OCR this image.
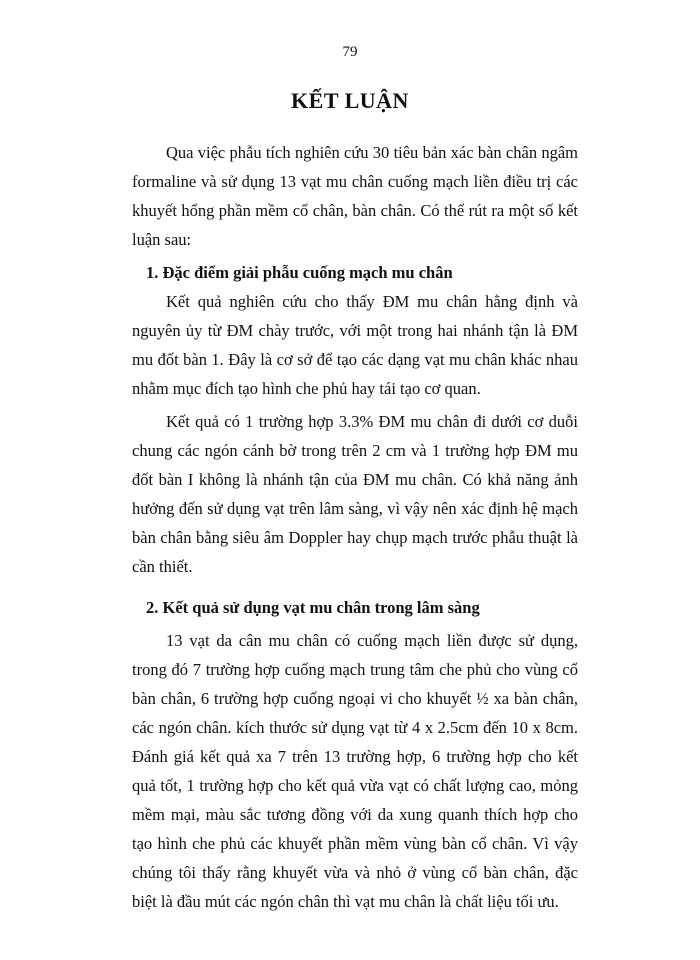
79
KẾT LUẬN

Qua việc phẫu tích nghiên cứu 30 tiêu bản xác bàn chân ngâm formaline và sử dụng 13 vạt mu chân cuống mạch liền điều trị các khuyết hổng phần mềm cổ chân, bàn chân. Có thể rút ra một số kết luận sau:

1. Đặc điểm giải phẫu cuống mạch mu chân

Kết quả nghiên cứu cho thấy ĐM mu chân hằng định và nguyên ủy từ ĐM chày trước, với một trong hai nhánh tận là ĐM mu đốt bàn 1. Đây là cơ sở để tạo các dạng vạt mu chân khác nhau nhằm mục đích tạo hình che phủ hay tái tạo cơ quan.

Kết quả có 1 trường hợp 3.3% ĐM mu chân đi dưới cơ duỗi chung các ngón cánh bờ trong trên 2 cm và 1 trường hợp ĐM mu đốt bàn I không là nhánh tận của ĐM mu chân. Có khả năng ảnh hưởng đến sử dụng vạt trên lâm sàng, vì vậy nên xác định hệ mạch bàn chân bằng siêu âm Doppler hay chụp mạch trước phẫu thuật là cần thiết.

2. Kết quả sử dụng vạt mu chân trong lâm sàng

13 vạt da cân mu chân có cuống mạch liền được sử dụng, trong đó 7 trường hợp cuống mạch trung tâm che phủ cho vùng cổ bàn chân, 6 trường hợp cuống ngoại vi cho khuyết ½ xa bàn chân, các ngón chân. kích thước sử dụng vạt từ 4 x 2.5cm đến 10 x 8cm. Đánh giá kết quả xa 7 trên 13 trường hợp, 6 trường hợp cho kết quả tốt, 1 trường hợp cho kết quả vừa vạt có chất lượng cao, mỏng mềm mại, màu sắc tương đồng với da xung quanh thích hợp cho tạo hình che phủ các khuyết phần mềm vùng bàn cổ chân. Vì vậy chúng tôi thấy rằng khuyết vừa và nhỏ ở vùng cổ bàn chân, đặc biệt là đầu mút các ngón chân thì vạt mu chân là chất liệu tối ưu.
